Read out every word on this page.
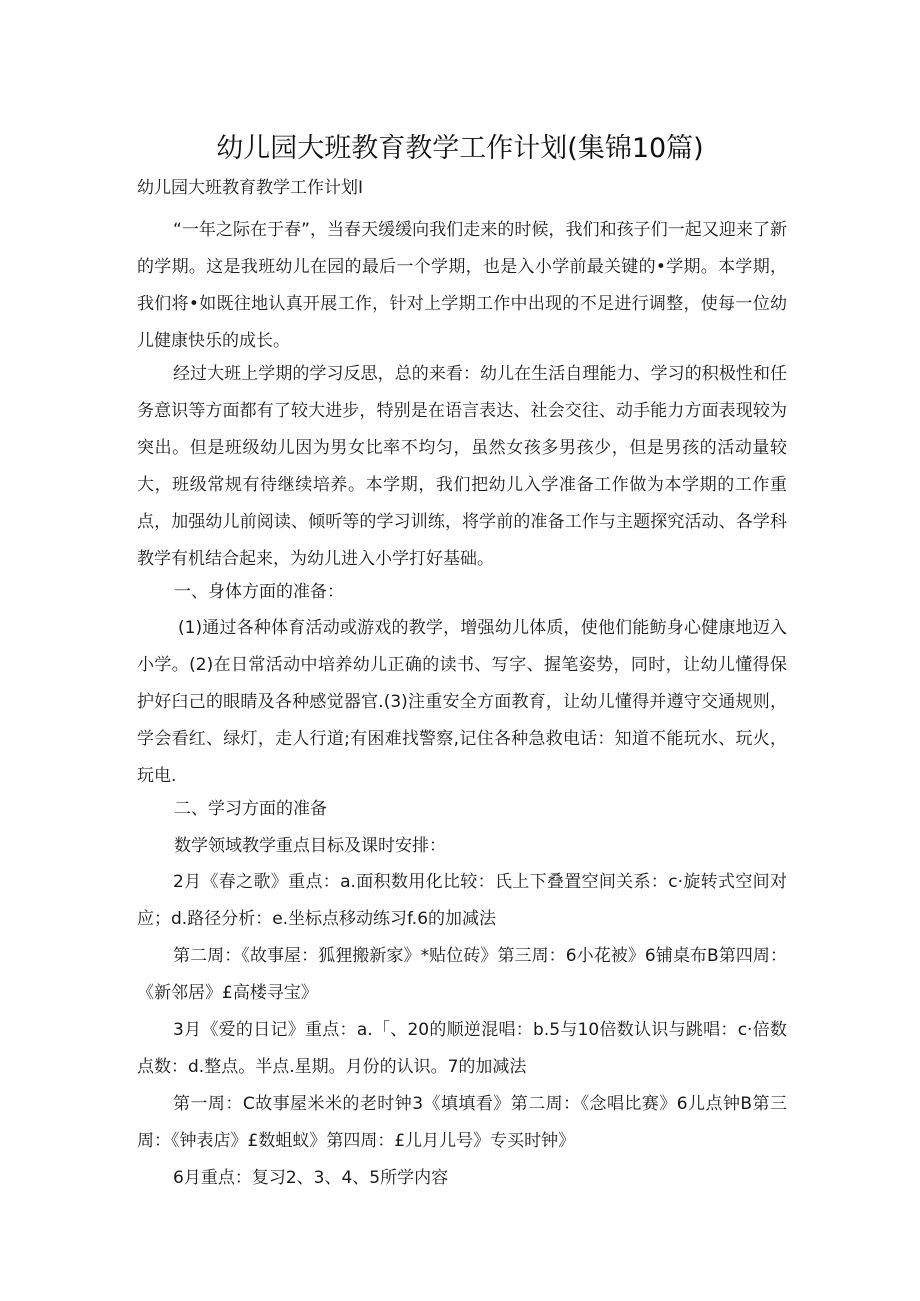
幼儿园大班教育教学工作计划(集锦10篇)
幼儿园大班教育教学工作计划I

“一年之际在于春”，当春天缓缓向我们走来的时候，我们和孩子们一起又迎来了新的学期。这是我班幼儿在园的最后一个学期，也是入小学前最关键的•学期。本学期，我们将•如既往地认真开展工作，针对上学期工作中出现的不足进行调整，使每一位幼儿健康快乐的成长。

经过大班上学期的学习反思，总的来看：幼儿在生活自理能力、学习的积极性和任务意识等方面都有了较大进步，特别是在语言表达、社会交往、动手能力方面表现较为突出。但是班级幼儿因为男女比率不均匀，虽然女孩多男孩少，但是男孩的活动量较大，班级常规有待继续培养。本学期，我们把幼儿入学准备工作做为本学期的工作重点，加强幼儿前阅读、倾听等的学习训练，将学前的准备工作与主题探究活动、各学科教学有机结合起来，为幼儿进入小学打好基础。

一、身体方面的准备：

(1)通过各种体育活动或游戏的教学，增强幼儿体质，使他们能鲂身心健康地迈入小学。(2)在日常活动中培养幼儿正确的读书、写字、握笔姿势，同时，让幼儿懂得保护好臼己的眼睛及各种感觉器官.(3)注重安全方面教育，让幼儿懂得并遵守交通规则，学会看红、绿灯，走人行道;有困难找警察,记住各种急救电话：知道不能玩水、玩火，玩电.

二、学习方面的准备
数学领域教学重点目标及课时安排：

2月《春之歌》重点：a.面积数用化比较：氏上下叠置空间关系：c·旋转式空间对应；d.路径分析：e.坐标点移动练习f.6的加减法

第二周：《故事屋：狐狸搬新家》*贴位砖》第三周：6小花被》6铺桌布B第四周：《新邻居》£高楼寻宝》

3月《爱的日记》重点：a.「、20的顺逆混唱：b.5与10倍数认识与跳唱：c·倍数点数：d.整点。半点.星期。月份的认识。7的加减法

第一周：C故事屋米米的老时钟3《填填看》第二周：《念唱比赛》6儿点钟B第三周：《钟表店》£数蛆蚁》第四周：£儿月儿号》专买时钟》

6月重点：复习2、3、4、5所学内容
